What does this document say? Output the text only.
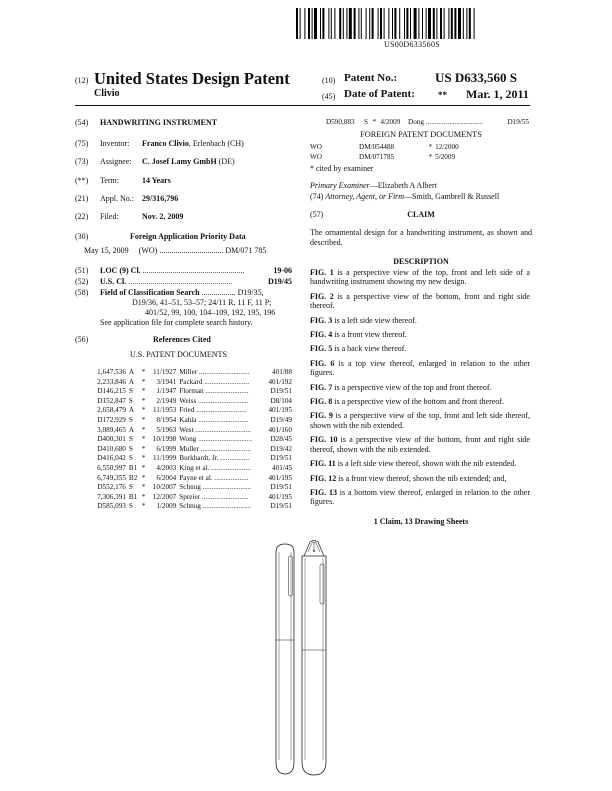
US00D633560S
(12) United States Design Patent
Clivio
(10) Patent No.:	US D633,560 S
(45) Date of Patent:	** Mar. 1, 2011
(54) HANDWRITING INSTRUMENT
(75) Inventor: Franco Clivio, Erlenbach (CH)
(73) Assignee: C. Josef Lamy GmbH (DE)
(**) Term:	14 Years
(21) Appl. No.: 29/316,796
(22) Filed:	Nov. 2, 2009
(30)	Foreign Application Priority Data
May 15, 2009     (WO) ................................ DM/071 785
(51) LOC (9) Cl. ...................................................	19-06
(52) U.S. Cl. ....................................................	D19/45
(58) Field of Classification Search ................. D19/35,
D19/36, 41–51, 53–57; 24/11 R, 11 F, 11 P;
401/52, 99, 100, 104–109, 192, 195, 196
See application file for complete search history.
(56)	References Cited
U.S. PATENT DOCUMENTS
1,647,536	A	*	11/1927	Miller ............................	401/88
2,233,846	A	*	3/1941	Packard .........................	401/192
D146,215	S	*	1/1947	Florman ........................	D19/51
D152,847	S	*	2/1949	Weiss ............................	D8/104
2,658,479	A	*	11/1953	Fried ............................	401/195
D172,929	S	*	8/1954	Kahla ............................	D19/49
3,089,465	A	*	5/1963	West ...............................	401/160
D400,301	S	*	10/1998	Wong ..............................	D28/45
D410,680	S	*	6/1999	Muller ............................	D19/42
D416,042	S	*	11/1999	Burkhardt, Jr. ................	D19/51
6,550,997	B1	*	4/2003	King et al. ......................	401/45
6,749,355	B2	*	6/2004	Payne et al. ...................	401/195
D552,176	S	*	10/2007	Schnug ...........................	D19/51
7,306,391	B1	*	12/2007	Spreier ..........................	401/195
D585,093	S	*	1/2009	Schnug ...........................	D19/51
D590,883	S	*	4/2009	Dong ................................	D19/55
FOREIGN PATENT DOCUMENTS
WO	DM/054488	*	12/2000
WO	DM/071785	*	5/2009
* cited by examiner
Primary Examiner—Elizabeth A Albert
(74) Attorney, Agent, or Firm—Smith, Gambrell & Russell
(57)	CLAIM
The ornamental design for a handwriting instrument, as shown and described.
DESCRIPTION

FIG. 1 is a perspective view of the top, front and left side of a handwriting instrument showing my new design.

FIG. 2 is a perspective view of the bottom, front and right side thereof.

FIG. 3 is a left side view thereof.

FIG. 4 is a front view thereof.

FIG. 5 is a back view thereof.

FIG. 6 is a top view thereof, enlarged in relation to the other figures.

FIG. 7 is a perspective view of the top and front thereof.

FIG. 8 is a perspective view of the bottom and front thereof.

FIG. 9 is a perspective view of the top, front and left side thereof, shown with the nib extended.

FIG. 10 is a perspective view of the bottom, front and right side thereof, shown with the nib extended.

FIG. 11 is a left side view thereof, shown with the nib extended.

FIG. 12 is a front view thereof, shown the nib extended; and,

FIG. 13 is a bottom view thereof, enlarged in relation to the other figures.

1 Claim, 13 Drawing Sheets
